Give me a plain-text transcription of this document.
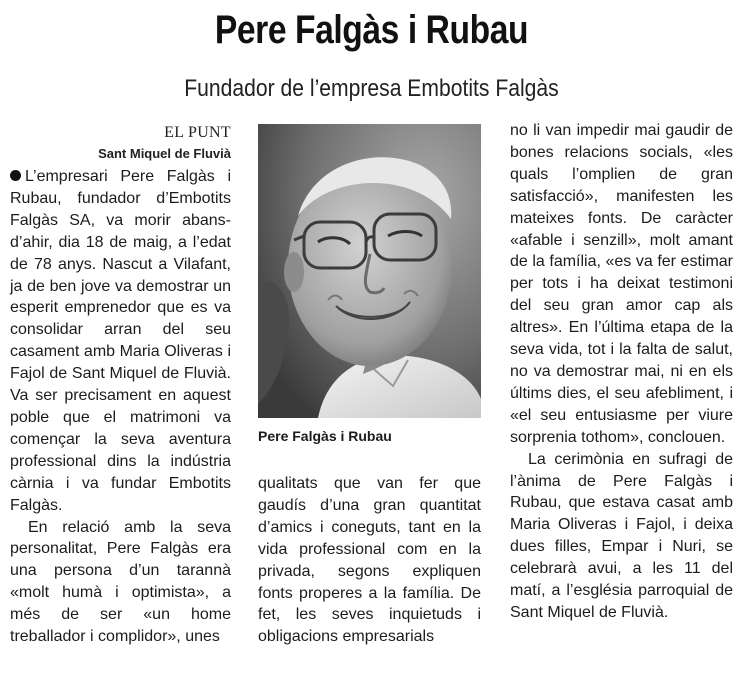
Pere Falgàs i Rubau
Fundador de l’empresa Embotits Falgàs
EL PUNT
Sant Miquel de Fluvià

L’empresari Pere Falgàs i Rubau, fundador d’Embotits Falgàs SA, va morir abans-d’ahir, dia 18 de maig, a l’edat de 78 anys. Nascut a Vilafant, ja de ben jove va demostrar un esperit emprenedor que es va consolidar arran del seu casament amb Maria Oliveras i Fajol de Sant Miquel de Fluvià. Va ser precisament en aquest poble que el matrimoni va començar la seva aventura professional dins la indústria càrnia i va fundar Embotits Falgàs.

En relació amb la seva personalitat, Pere Falgàs era una persona d’un tarannà «molt humà i optimista», a més de ser «un home treballador i complidor», unes

Pere Falgàs i Rubau

qualitats que van fer que gaudís d’una gran quantitat d’amics i coneguts, tant en la vida professional com en la privada, segons expliquen fonts properes a la família. De fet, les seves inquietuds i obligacions empresarials

no li van impedir mai gaudir de bones relacions socials, «les quals l’omplien de gran satisfacció», manifesten les mateixes fonts. De caràcter «afable i senzill», molt amant de la família, «es va fer estimar per tots i ha deixat testimoni del seu gran amor cap als altres». En l’última etapa de la seva vida, tot i la falta de salut, no va demostrar mai, ni en els últims dies, el seu afebliment, i «el seu entusiasme per viure sorprenia tothom», conclouen.

La cerimònia en sufragi de l’ànima de Pere Falgàs i Rubau, que estava casat amb Maria Oliveras i Fajol, i deixa dues filles, Empar i Nuri, se celebrarà avui, a les 11 del matí, a l’església parroquial de Sant Miquel de Fluvià.
